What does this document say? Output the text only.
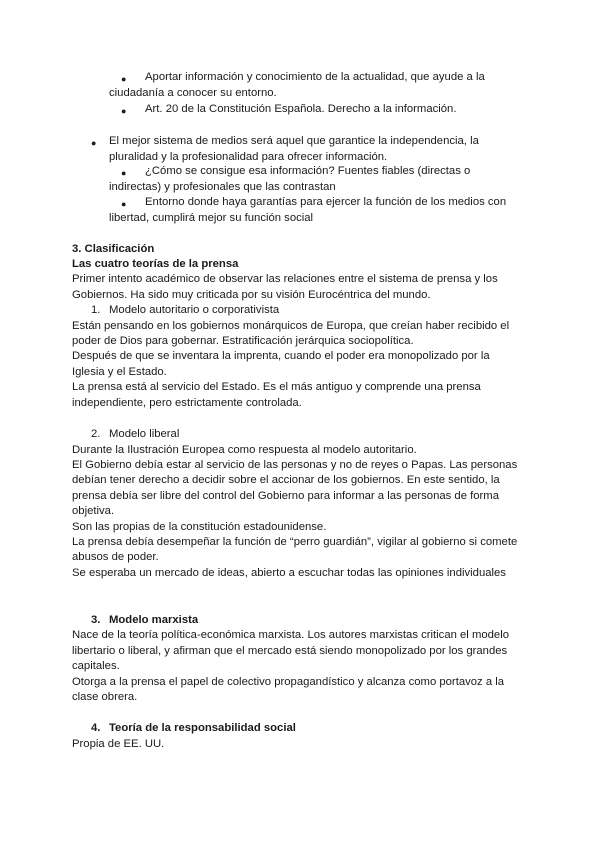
● Aportar información y conocimiento de la actualidad, que ayude a la
ciudadanía a conocer su entorno.
● Art. 20 de la Constitución Española. Derecho a la información.
● El mejor sistema de medios será aquel que garantice la independencia, la
pluralidad y la profesionalidad para ofrecer información.
● ¿Cómo se consigue esa información? Fuentes fiables (directas o
indirectas) y profesionales que las contrastan
● Entorno donde haya garantías para ejercer la función de los medios con
libertad, cumplirá mejor su función social
3. Clasificación
Las cuatro teorías de la prensa
Primer intento académico de observar las relaciones entre el sistema de prensa y los
Gobiernos. Ha sido muy criticada por su visión Eurocéntrica del mundo.
1. Modelo autoritario o corporativista
Están pensando en los gobiernos monárquicos de Europa, que creían haber recibido el
poder de Dios para gobernar. Estratificación jerárquica sociopolítica.
Después de que se inventara la imprenta, cuando el poder era monopolizado por la
Iglesia y el Estado.
La prensa está al servicio del Estado. Es el más antiguo y comprende una prensa
independiente, pero estrictamente controlada.
2. Modelo liberal
Durante la Ilustración Europea como respuesta al modelo autoritario.
El Gobierno debía estar al servicio de las personas y no de reyes o Papas. Las personas
debían tener derecho a decidir sobre el accionar de los gobiernos. En este sentido, la
prensa debía ser libre del control del Gobierno para informar a las personas de forma
objetiva.
Son las propias de la constitución estadounidense.
La prensa debía desempeñar la función de “perro guardián”, vigilar al gobierno si comete
abusos de poder.
Se esperaba un mercado de ideas, abierto a escuchar todas las opiniones individuales
3. Modelo marxista
Nace de la teoría política-económica marxista. Los autores marxistas critican el modelo
libertario o liberal, y afirman que el mercado está siendo monopolizado por los grandes
capitales.
Otorga a la prensa el papel de colectivo propagandístico y alcanza como portavoz a la
clase obrera.
4. Teoría de la responsabilidad social
Propia de EE. UU.
